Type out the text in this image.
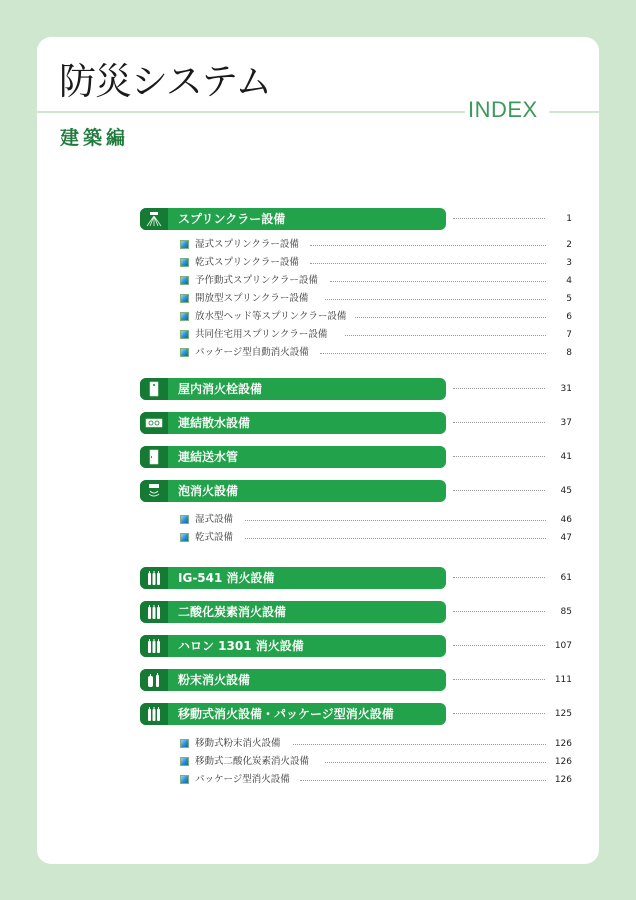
防災システム
INDEX
建築編
スプリンクラー設備	1
湿式スプリンクラー設備	2
乾式スプリンクラー設備	3
予作動式スプリンクラー設備	4
開放型スプリンクラー設備	5
放水型ヘッド等スプリンクラー設備	6
共同住宅用スプリンクラー設備	7
パッケージ型自動消火設備	8
屋内消火栓設備	31
連結散水設備	37
連結送水管	41
泡消火設備	45
湿式設備	46
乾式設備	47
IG-541 消火設備	61
二酸化炭素消火設備	85
ハロン 1301 消火設備	107
粉末消火設備	111
移動式消火設備・パッケージ型消火設備	125
移動式粉末消火設備	126
移動式二酸化炭素消火設備	126
パッケージ型消火設備	126
